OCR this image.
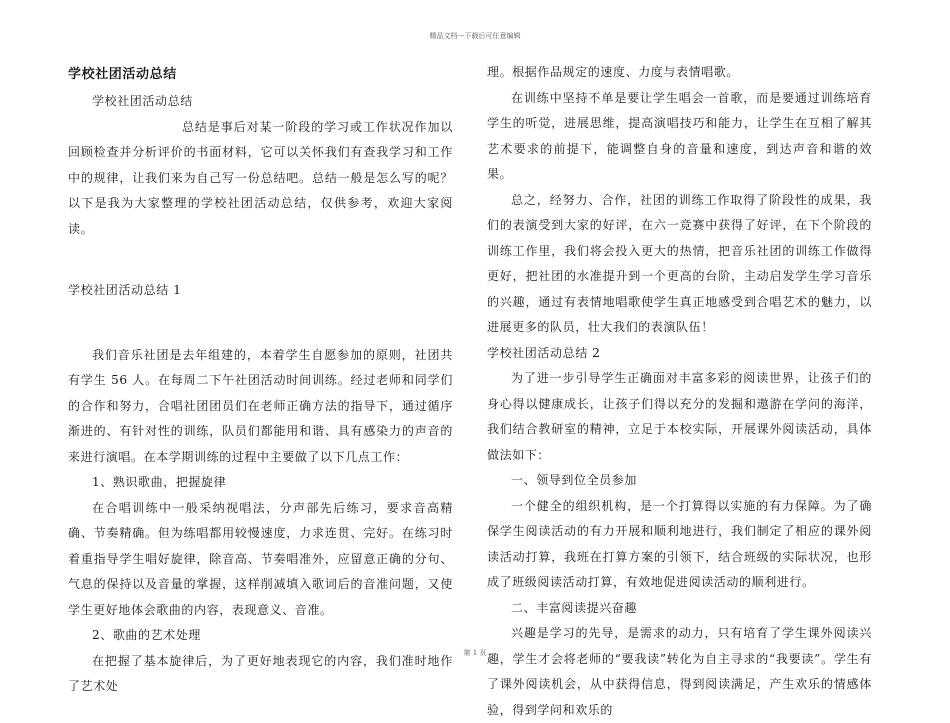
精品文档---下载后可任意编辑

学校社团活动总结

学校社团活动总结

总结是事后对某一阶段的学习或工作状况作加以回顾检查并分析评价的书面材料，它可以关怀我们有查我学习和工作中的规律，让我们来为自己写一份总结吧。总结一般是怎么写的呢？以下是我为大家整理的学校社团活动总结，仅供参考，欢迎大家阅读。

学校社团活动总结 1

我们音乐社团是去年组建的，本着学生自愿参加的原则，社团共有学生 56 人。在每周二下午社团活动时间训练。经过老师和同学们的合作和努力，合唱社团团员们在老师正确方法的指导下，通过循序渐进的、有针对性的训练，队员们都能用和谐、具有感染力的声音的来进行演唱。在本学期训练的过程中主要做了以下几点工作：

1、熟识歌曲，把握旋律

在合唱训练中一般采纳视唱法，分声部先后练习，要求音高精确、节奏精确。但为练唱都用较慢速度，力求连贯、完好。在练习时着重指导学生唱好旋律，除音高、节奏唱准外，应留意正确的分句、气息的保持以及音量的掌握，这样削减填入歌词后的音准问题，又使学生更好地体会歌曲的内容，表现意义、音准。

2、歌曲的艺术处理

在把握了基本旋律后，为了更好地表现它的内容，我们准时地作了艺术处

理。根据作品规定的速度、力度与表情唱歌。

在训练中坚持不单是要让学生唱会一首歌，而是要通过训练培育学生的听觉，进展思维，提高演唱技巧和能力，让学生在互相了解其艺术要求的前提下，能调整自身的音量和速度，到达声音和谐的效果。

总之，经努力、合作，社团的训练工作取得了阶段性的成果，我们的表演受到大家的好评，在六一竞赛中获得了好评，在下个阶段的训练工作里，我们将会投入更大的热情，把音乐社团的训练工作做得更好，把社团的水准提升到一个更高的台阶，主动启发学生学习音乐的兴趣，通过有表情地唱歌使学生真正地感受到合唱艺术的魅力，以进展更多的队员，壮大我们的表演队伍！

学校社团活动总结 2

为了进一步引导学生正确面对丰富多彩的阅读世界，让孩子们的身心得以健康成长，让孩子们得以充分的发掘和遨游在学问的海洋，我们结合教研室的精神，立足于本校实际，开展课外阅读活动，具体做法如下：

一、领导到位全员参加

一个健全的组织机构，是一个打算得以实施的有力保障。为了确保学生阅读活动的有力开展和顺利地进行，我们制定了相应的课外阅读活动打算，我班在打算方案的引领下，结合班级的实际状况，也形成了班级阅读活动打算，有效地促进阅读活动的顺利进行。

二、丰富阅读提兴奋趣

兴趣是学习的先导，是需求的动力，只有培育了学生课外阅读兴趣，学生才会将老师的“要我读”转化为自主寻求的“我要读”。学生有了课外阅读机会，从中获得信息，得到阅读满足，产生欢乐的情感体验，得到学问和欢乐的

第 1 页
